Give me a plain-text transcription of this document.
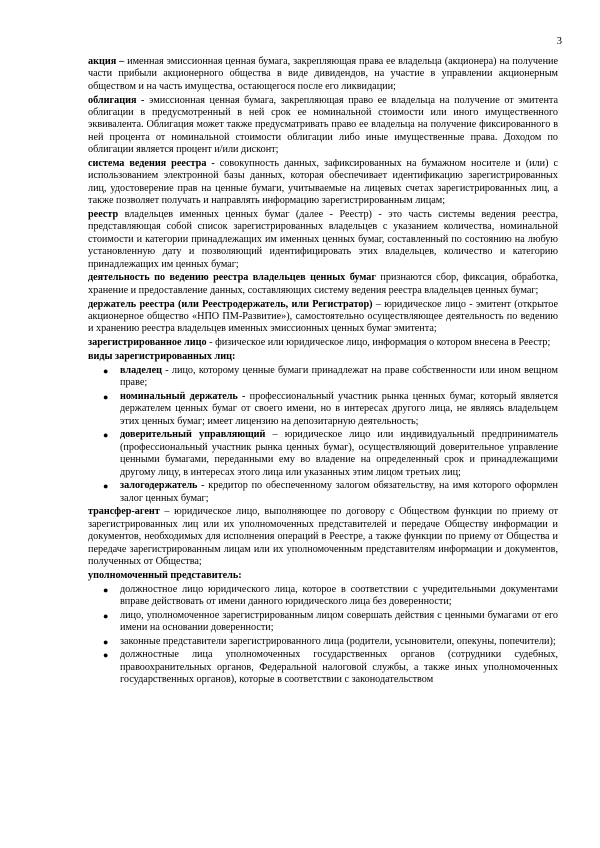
3

акция – именная эмиссионная ценная бумага, закрепляющая права ее владельца (акционера) на получение части прибыли акционерного общества в виде дивидендов, на участие в управлении акционерным обществом и на часть имущества, остающегося после его ликвидации;

облигация - эмиссионная ценная бумага, закрепляющая право ее владельца на получение от эмитента облигации в предусмотренный в ней срок ее номинальной стоимости или иного имущественного эквивалента. Облигация может также предусматривать право ее владельца на получение фиксированного в ней процента от номинальной стоимости облигации либо иные имущественные права. Доходом по облигации является процент и/или дисконт;

система ведения реестра - совокупность данных, зафиксированных на бумажном носителе и (или) с использованием электронной базы данных, которая обеспечивает идентификацию зарегистрированных лиц, удостоверение прав на ценные бумаги, учитываемые на лицевых счетах зарегистрированных лиц, а также позволяет получать и направлять информацию зарегистрированным лицам;

реестр владельцев именных ценных бумаг (далее - Реестр) - это часть системы ведения реестра, представляющая собой список зарегистрированных владельцев с указанием количества, номинальной стоимости и категории принадлежащих им именных ценных бумаг, составленный по состоянию на любую установленную дату и позволяющий идентифицировать этих владельцев, количество и категорию принадлежащих им ценных бумаг;

деятельность по ведению реестра владельцев ценных бумаг признаются сбор, фиксация, обработка, хранение и предоставление данных, составляющих систему ведения реестра владельцев ценных бумаг;

держатель реестра (или Реестродержатель, или Регистратор) – юридическое лицо - эмитент (открытое акционерное общество «НПО ПМ-Развитие»), самостоятельно осуществляющее деятельность по ведению и хранению реестра владельцев именных эмиссионных ценных бумаг эмитента;

зарегистрированное лицо - физическое или юридическое лицо, информация о котором внесена в Реестр;

виды зарегистрированных лиц:

● владелец - лицо, которому ценные бумаги принадлежат на праве собственности или ином вещном праве;
● номинальный держатель - профессиональный участник рынка ценных бумаг, который является держателем ценных бумаг от своего имени, но в интересах другого лица, не являясь владельцем этих ценных бумаг; имеет лицензию на депозитарную деятельность;
● доверительный управляющий – юридическое лицо или индивидуальный предприниматель (профессиональный участник рынка ценных бумаг), осуществляющий доверительное управление ценными бумагами, переданными ему во владение на определенный срок и принадлежащими другому лицу, в интересах этого лица или указанных этим лицом третьих лиц;
● залогодержатель - кредитор по обеспеченному залогом обязательству, на имя которого оформлен залог ценных бумаг;

трансфер-агент – юридическое лицо, выполняющее по договору с Обществом функции по приему от зарегистрированных лиц или их уполномоченных представителей и передаче Обществу информации и документов, необходимых для исполнения операций в Реестре, а также функции по приему от Общества и передаче зарегистрированным лицам или их уполномоченным представителям информации и документов, полученных от Общества;

уполномоченный представитель:

● должностное лицо юридического лица, которое в соответствии с учредительными документами вправе действовать от имени данного юридического лица без доверенности;
● лицо, уполномоченное зарегистрированным лицом совершать действия с ценными бумагами от его имени на основании доверенности;
● законные представители зарегистрированного лица (родители, усыновители, опекуны, попечители);
● должностные лица уполномоченных государственных органов (сотрудники судебных, правоохранительных органов, Федеральной налоговой службы, а также иных уполномоченных государственных органов), которые в соответствии с законодательством
